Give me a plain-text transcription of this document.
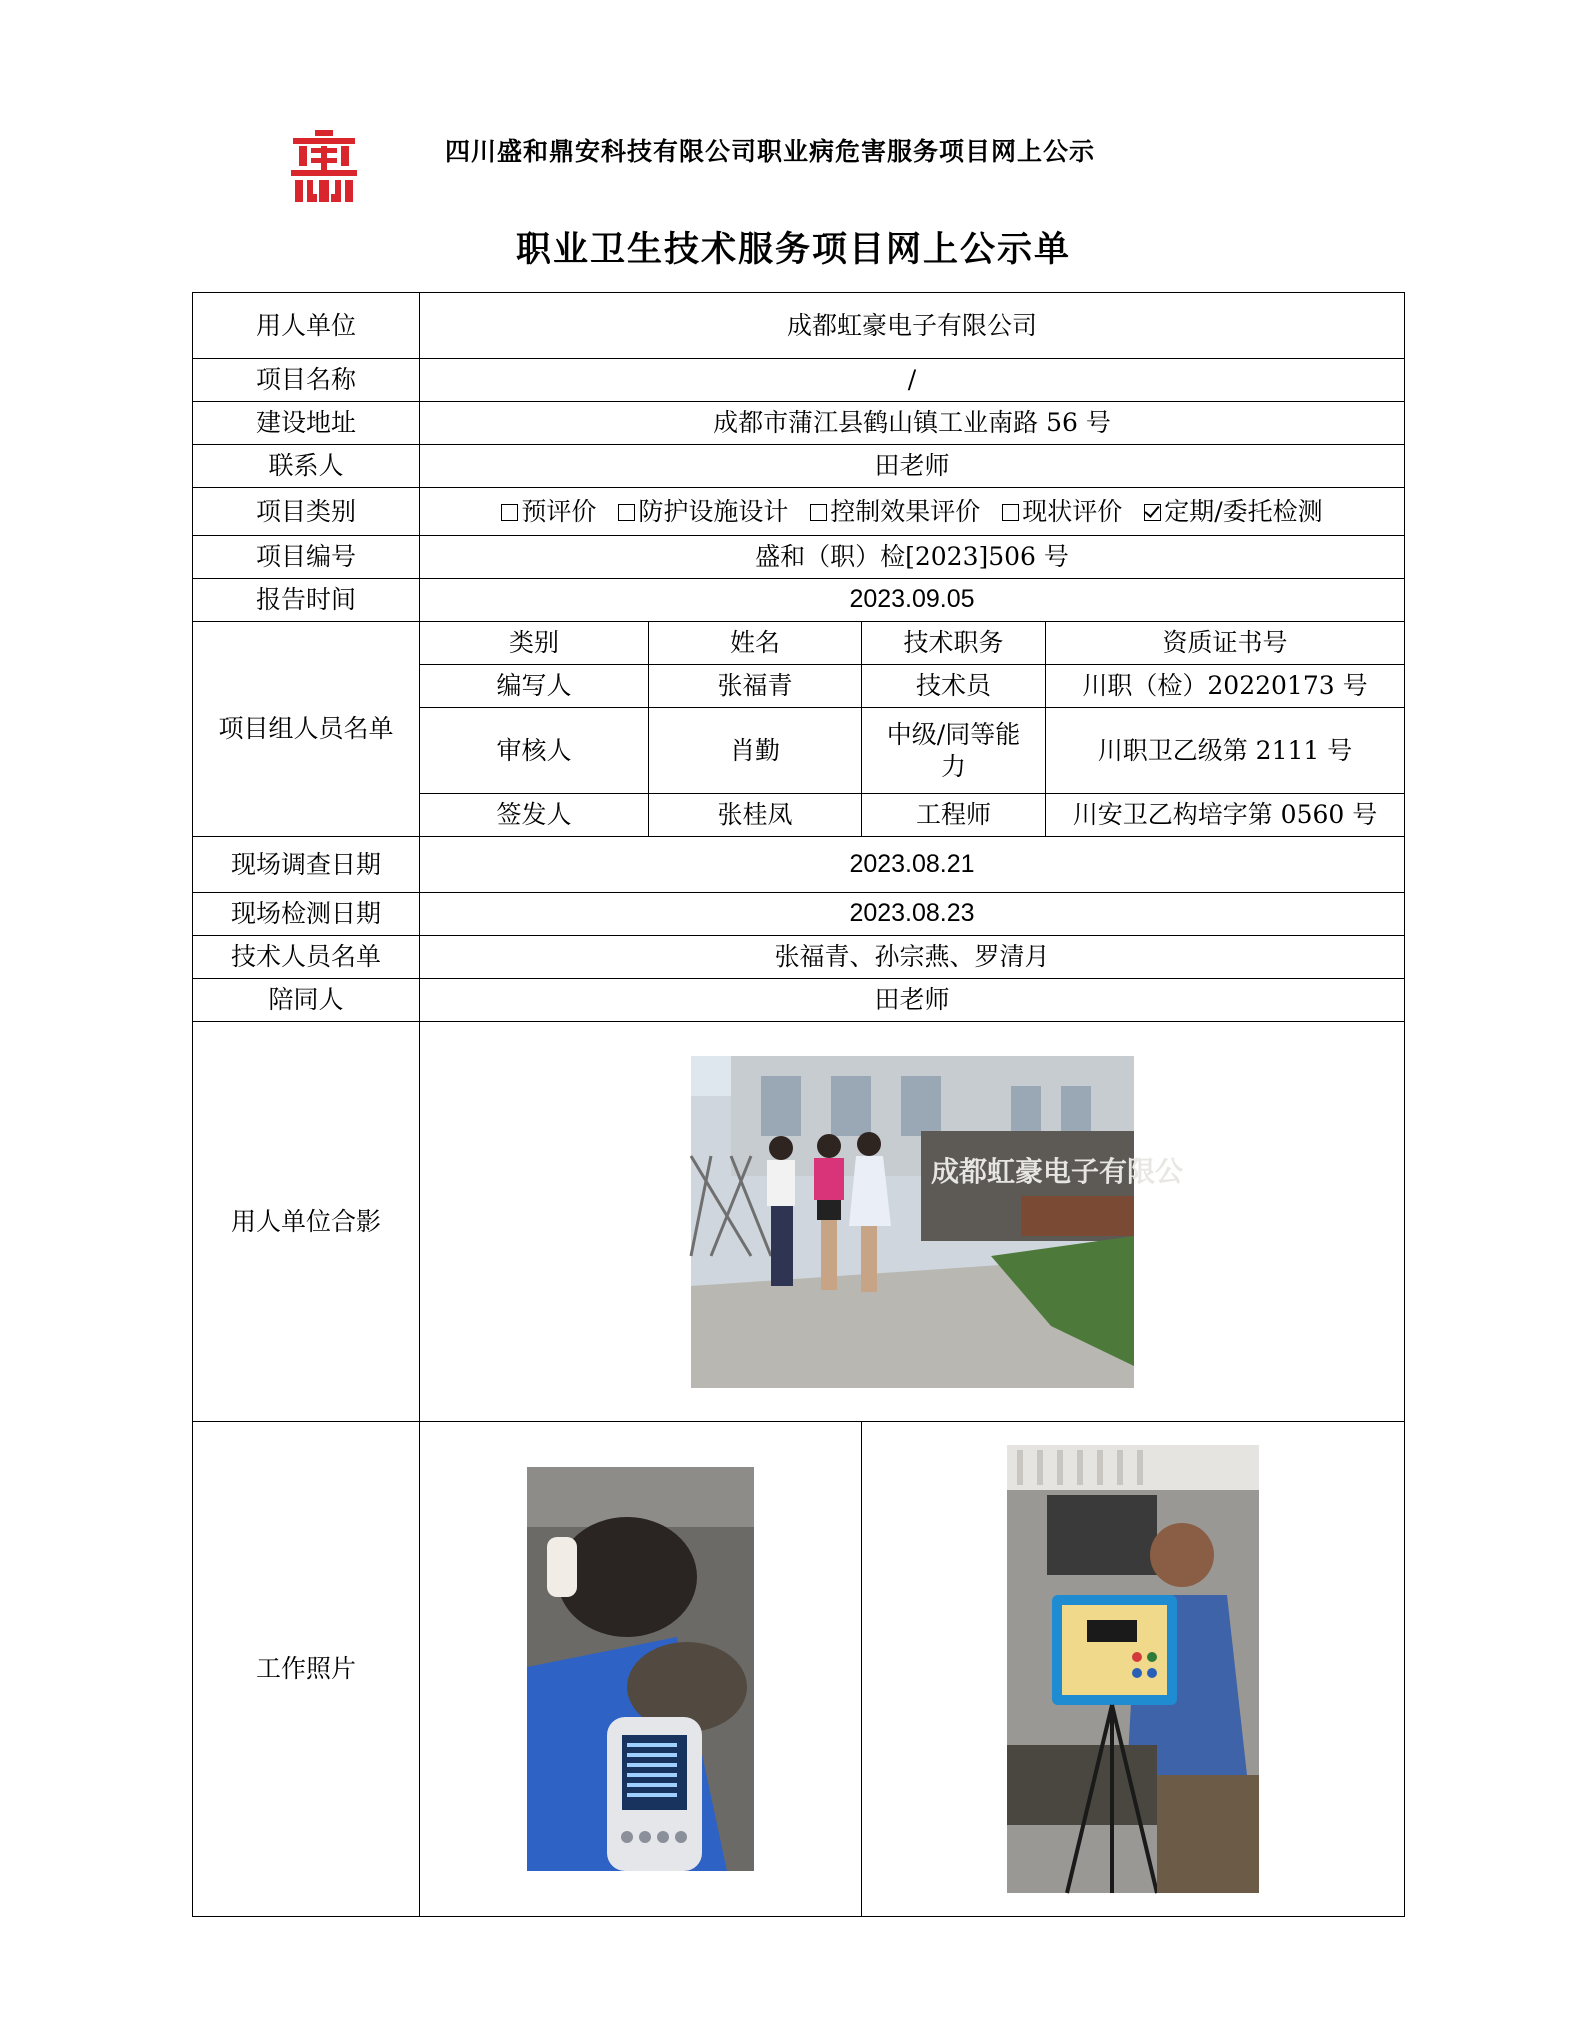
四川盛和鼎安科技有限公司职业病危害服务项目网上公示
职业卫生技术服务项目网上公示单
用人单位	成都虹豪电子有限公司			
项目名称	/			
建设地址	成都市蒲江县鹤山镇工业南路 56 号			
联系人	田老师			
项目类别	预评价 防护设施设计 控制效果评价 现状评价 定期/委托检测			
项目编号	盛和（职）检[2023]506 号			
报告时间	2023.09.05			
项目组人员名单	类别	姓名	技术职务	资质证书号
	编写人	张福青	技术员	川职（检）20220173 号
	审核人	肖勤	中级/同等能力	川职卫乙级第 2111 号
	签发人	张桂凤	工程师	川安卫乙构培字第 0560 号

现场调查日期	2023.08.21			
现场检测日期	2023.08.23			
技术人员名单	张福青、孙宗燕、罗清月			
陪同人	田老师			
用人单位合影	成都虹豪电子有限公			

工作照片	
